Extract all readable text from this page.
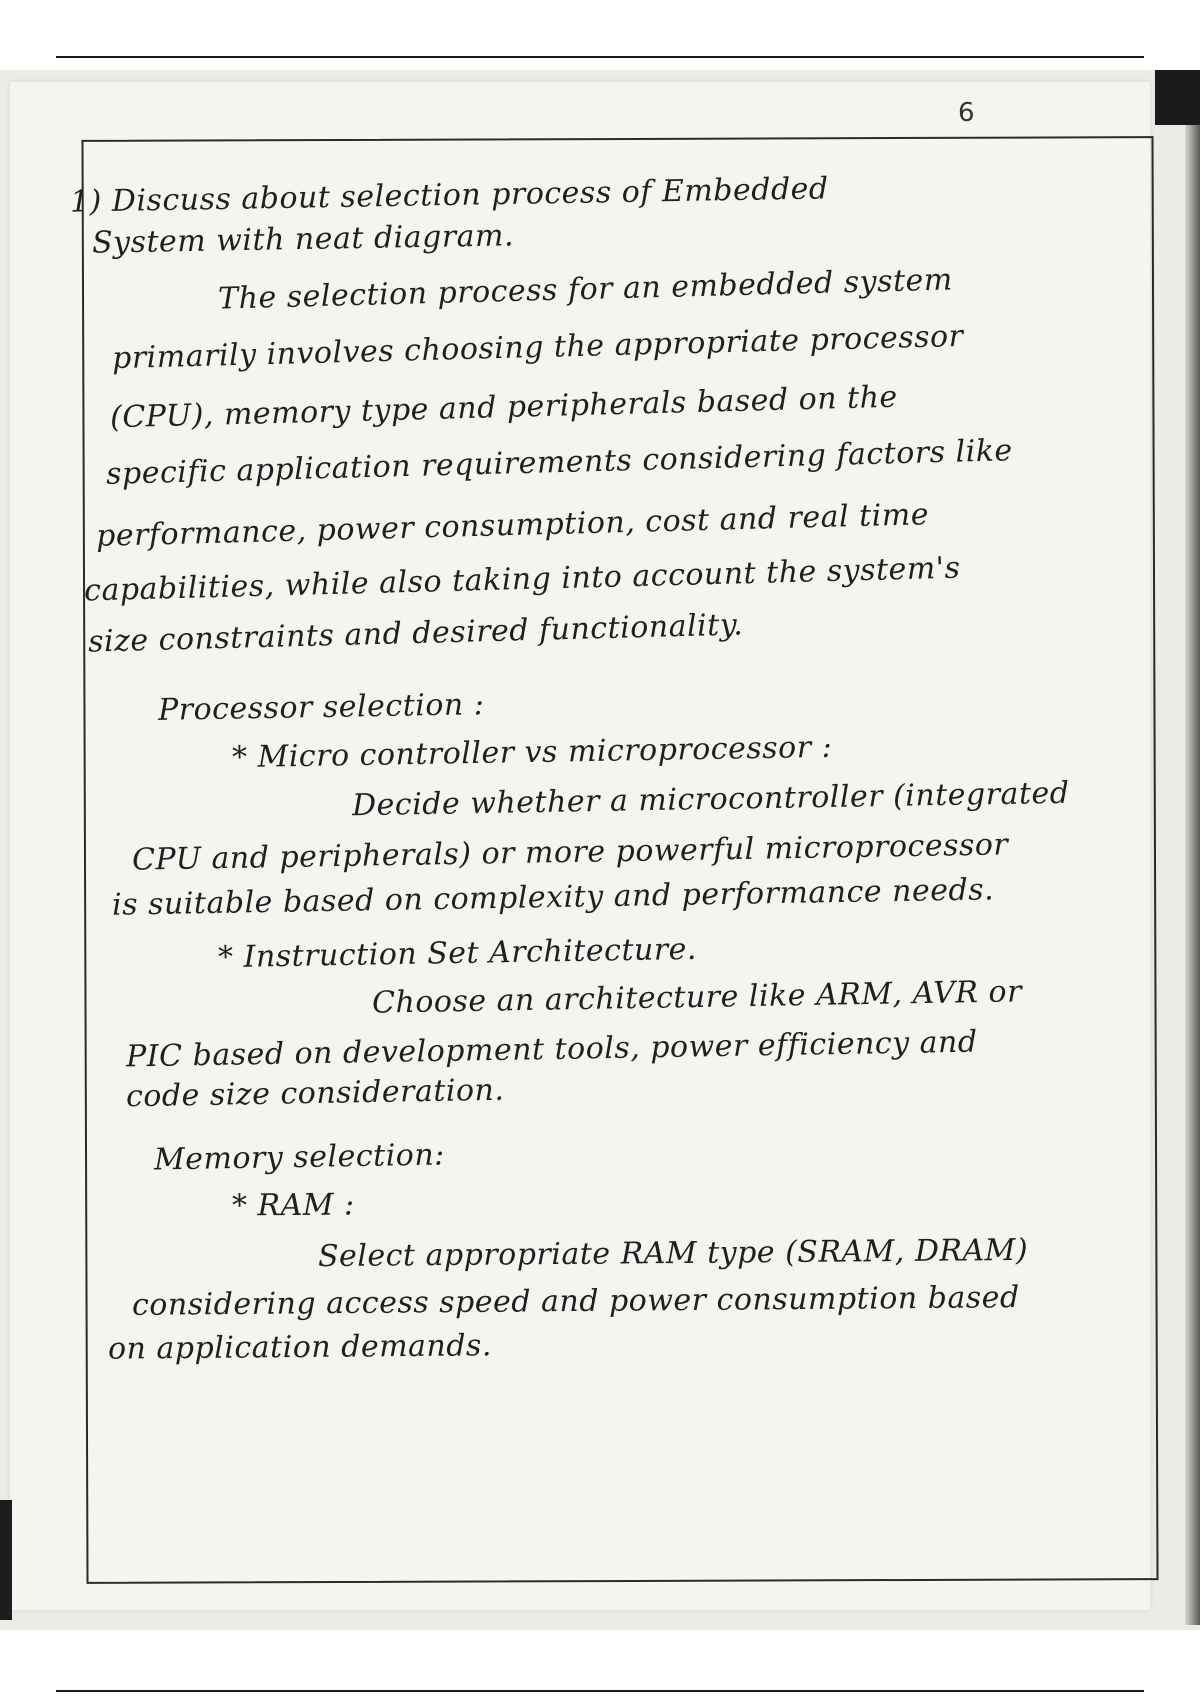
6

1) Discuss about selection process of Embedded

System with neat diagram.

The selection process for an embedded system

primarily involves choosing the appropriate processor

(CPU), memory type and peripherals based on the

specific application requirements considering factors like

performance, power consumption, cost and real time

capabilities, while also taking into account the system's

size constraints and desired functionality.

Processor selection :

* Micro controller vs microprocessor :

Decide whether a microcontroller (integrated

CPU and peripherals) or more powerful microprocessor

is suitable based on complexity and performance needs.

* Instruction Set Architecture.

Choose an architecture like ARM, AVR or

PIC based on development tools, power efficiency and

code size consideration.

Memory selection:

* RAM :

Select appropriate RAM type (SRAM, DRAM)

considering access speed and power consumption based

on application demands.
